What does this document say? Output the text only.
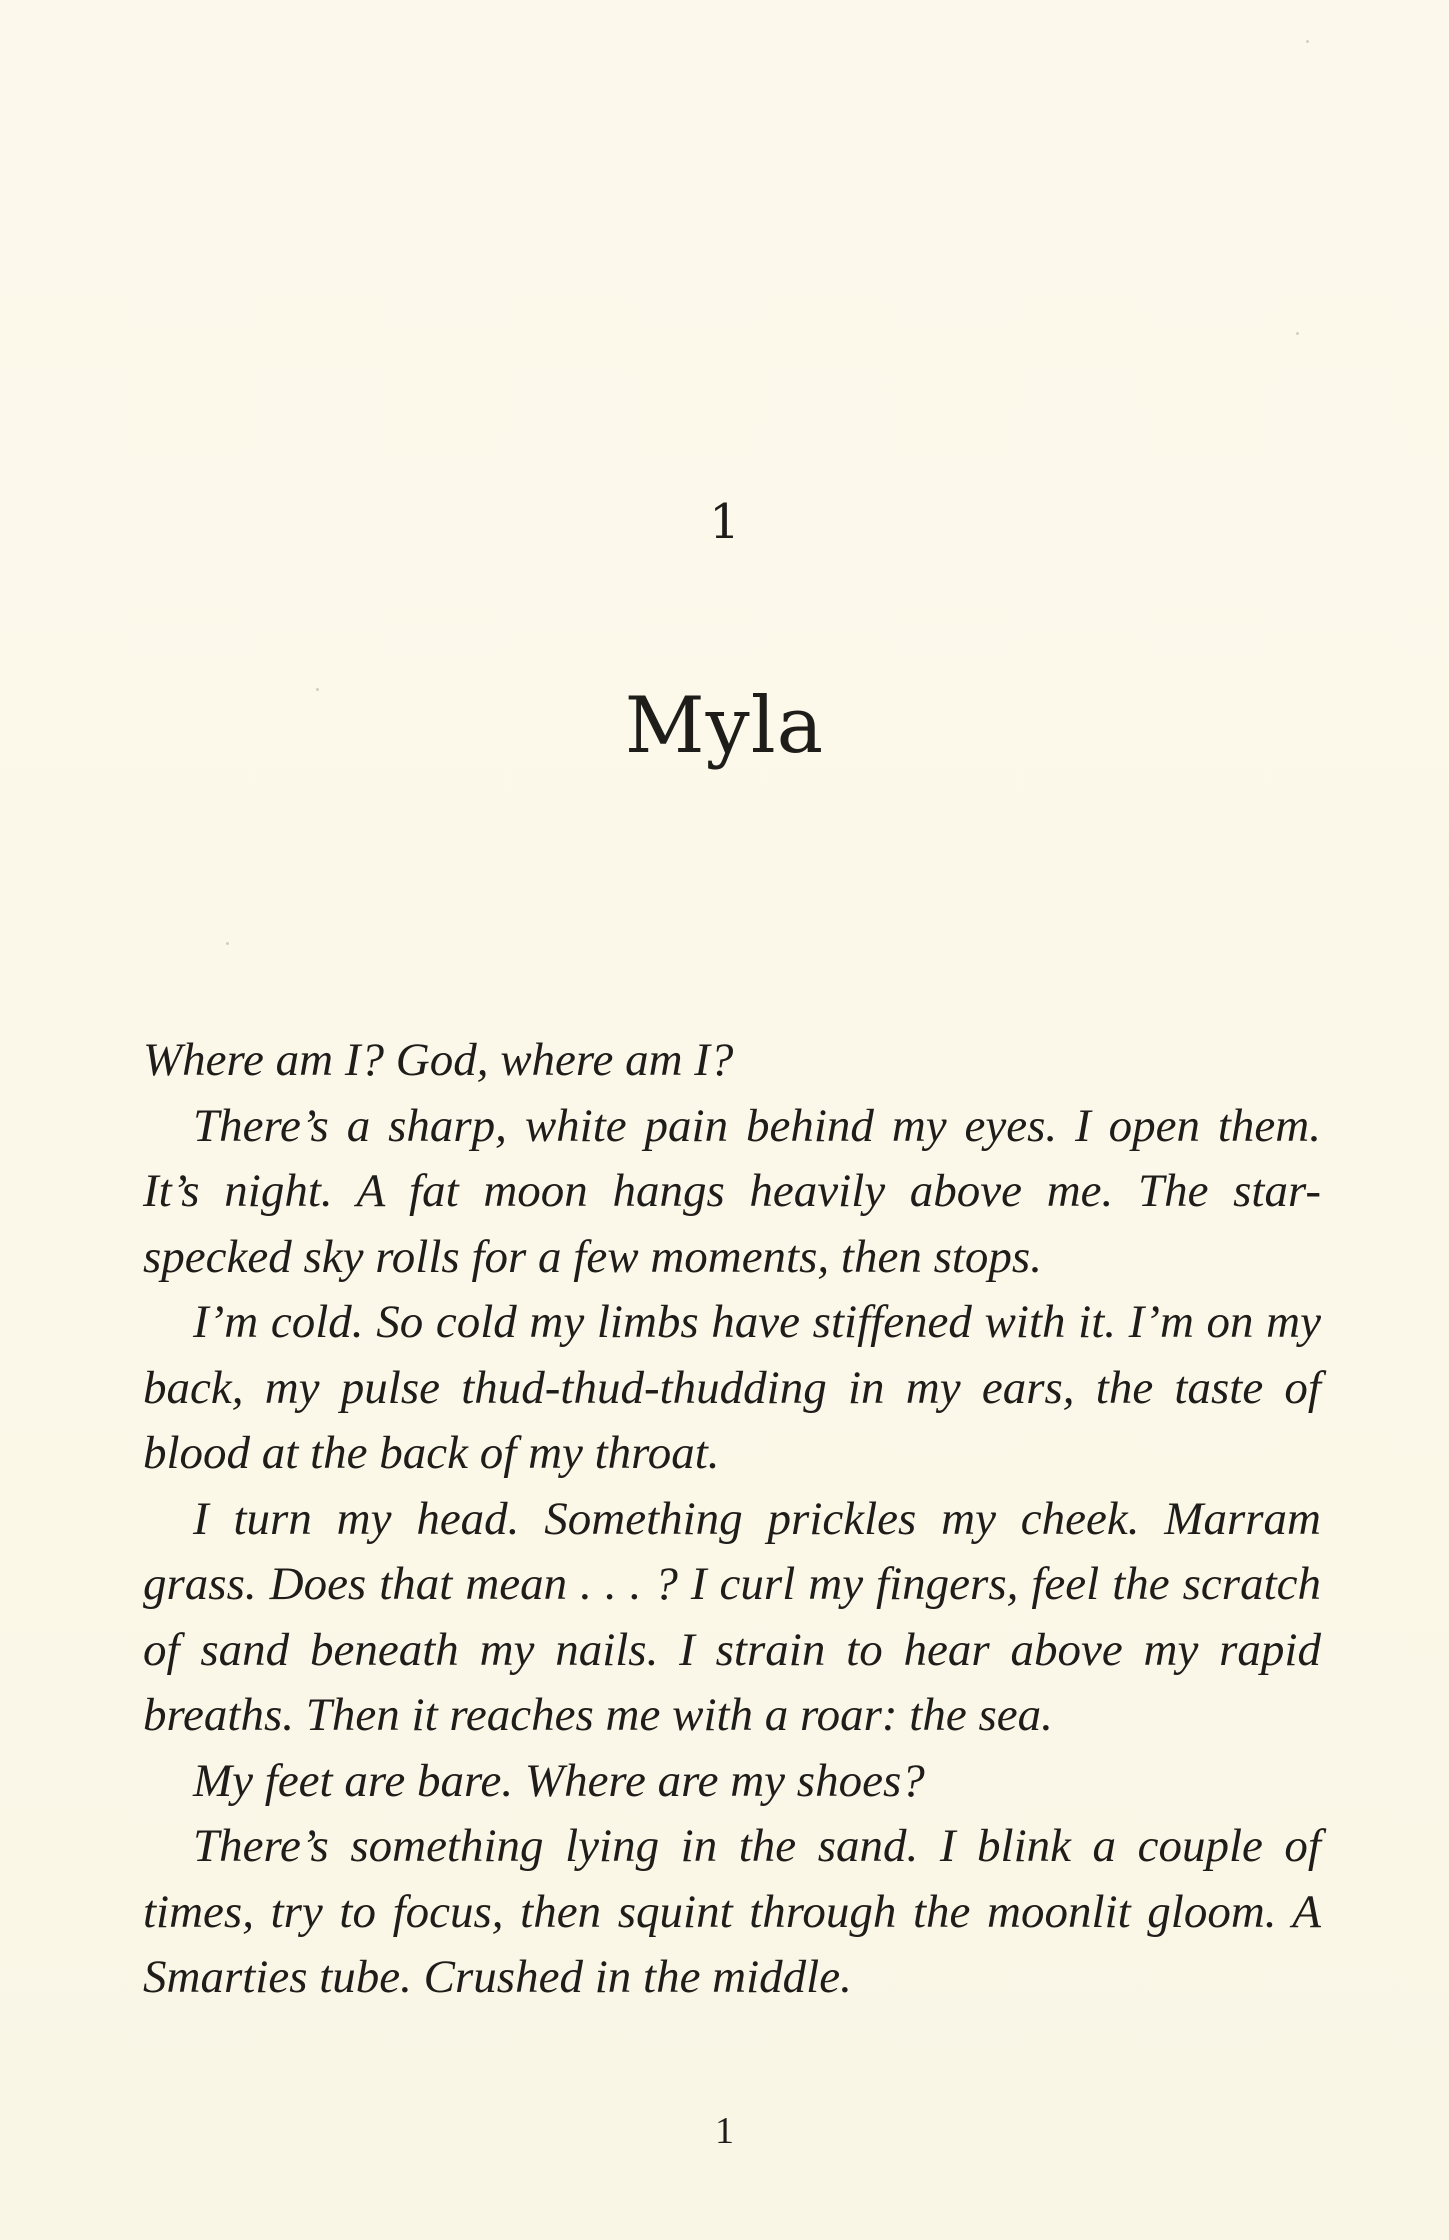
1
Myla

Where am I? God, where am I?

There’s a sharp, white pain behind my eyes. I open them. It’s night. A fat moon hangs heavily above me. The star-specked sky rolls for a few moments, then stops.

I’m cold. So cold my limbs have stiffened with it. I’m on my back, my pulse thud-thud-thudding in my ears, the taste of blood at the back of my throat.

I turn my head. Something prickles my cheek. Marram grass. Does that mean . . . ? I curl my fingers, feel the scratch of sand beneath my nails. I strain to hear above my rapid breaths. Then it reaches me with a roar: the sea.

My feet are bare. Where are my shoes?

There’s something lying in the sand. I blink a couple of times, try to focus, then squint through the moonlit gloom. A Smarties tube. Crushed in the middle.

1
